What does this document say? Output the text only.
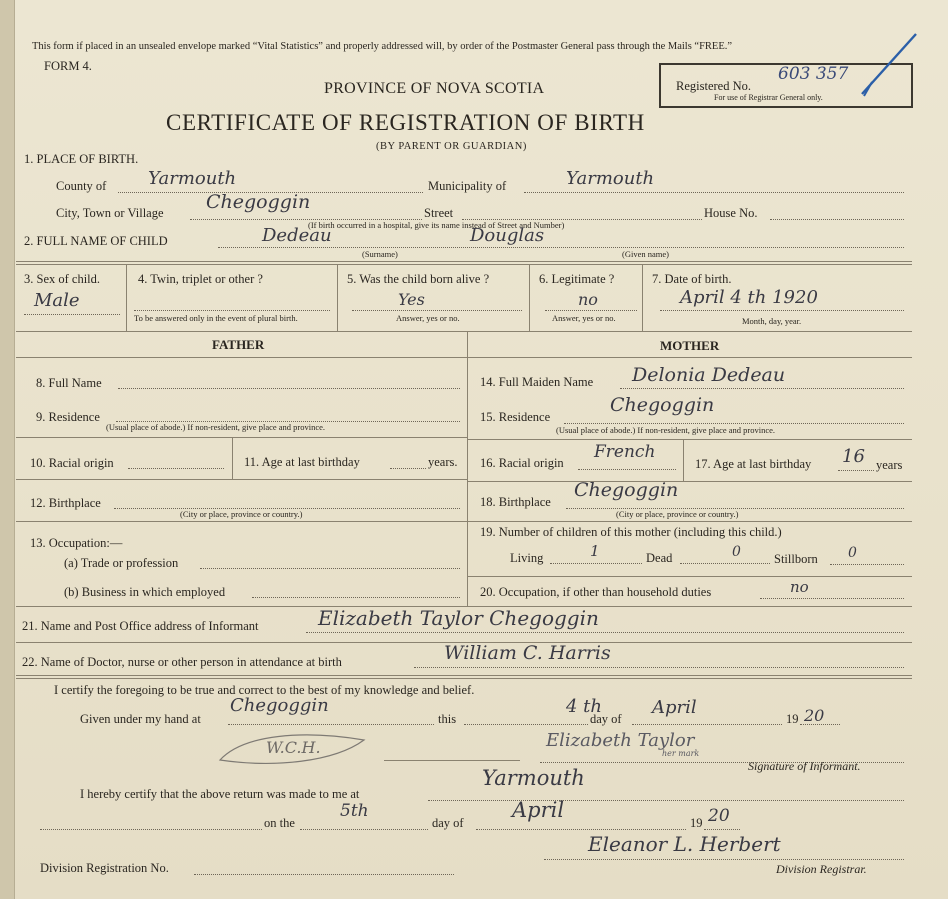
This form if placed in an unsealed envelope marked “Vital Statistics” and properly addressed will, by order of the Postmaster General pass through the Mails “FREE.”
FORM 4.
PROVINCE OF NOVA SCOTIA
CERTIFICATE OF REGISTRATION OF BIRTH
(BY PARENT OR GUARDIAN)
Registered No.
603 357
For use of Registrar General only.
1. PLACE OF BIRTH.
County of Yarmouth	Municipality of	Yarmouth
City, Town or Village Chegoggin	Street	House No.
(If birth occurred in a hospital, give its name instead of Street and Number)
2. FULL NAME OF CHILD	Dedeau	Douglas
(Surname)	(Given name)
3. Sex of child.
Male
4. Twin, triplet or other ?
To be answered only in the event of plural birth.
5. Was the child born alive ?
Yes
Answer, yes or no.
6. Legitimate ?
no
Answer, yes or no.
7. Date of birth.
April 4 th 1920
Month, day, year.
FATHER	MOTHER
8. Full Name
9. Residence
(Usual place of abode.) If non-resident, give place and province.
10. Racial origin	11. Age at last birthday	years.
12. Birthplace
(City or place, province or country.)
13. Occupation:—
(a) Trade or profession
(b) Business in which employed
14. Full Maiden Name Delonia Dedeau
15. Residence
Chegoggin
(Usual place of abode.) If non-resident, give place and province.
16. Racial origin
French
17. Age at last birthday 16 years
18. Birthplace
Chegoggin
(City or place, province or country.)
19. Number of children of this mother (including this child.)
Living	1	Dead	0	Stillborn 0
20. Occupation, if other than household duties	no
21. Name and Post Office address of Informant	Elizabeth Taylor Chegoggin
22. Name of Doctor, nurse or other person in attendance at birth	William C. Harris
I certify the foregoing to be true and correct to the best of my knowledge and belief.
Given under my hand at
Chegoggin
this
4 th
day of
April
19 20
W.C.H.	Elizabeth Taylor
her mark
Signature of Informant.
I hereby certify that the above return was made to me at
Yarmouth
on the
5th
day of
April
19 20
Eleanor L. Herbert
Division Registration No.	Division Registrar.
